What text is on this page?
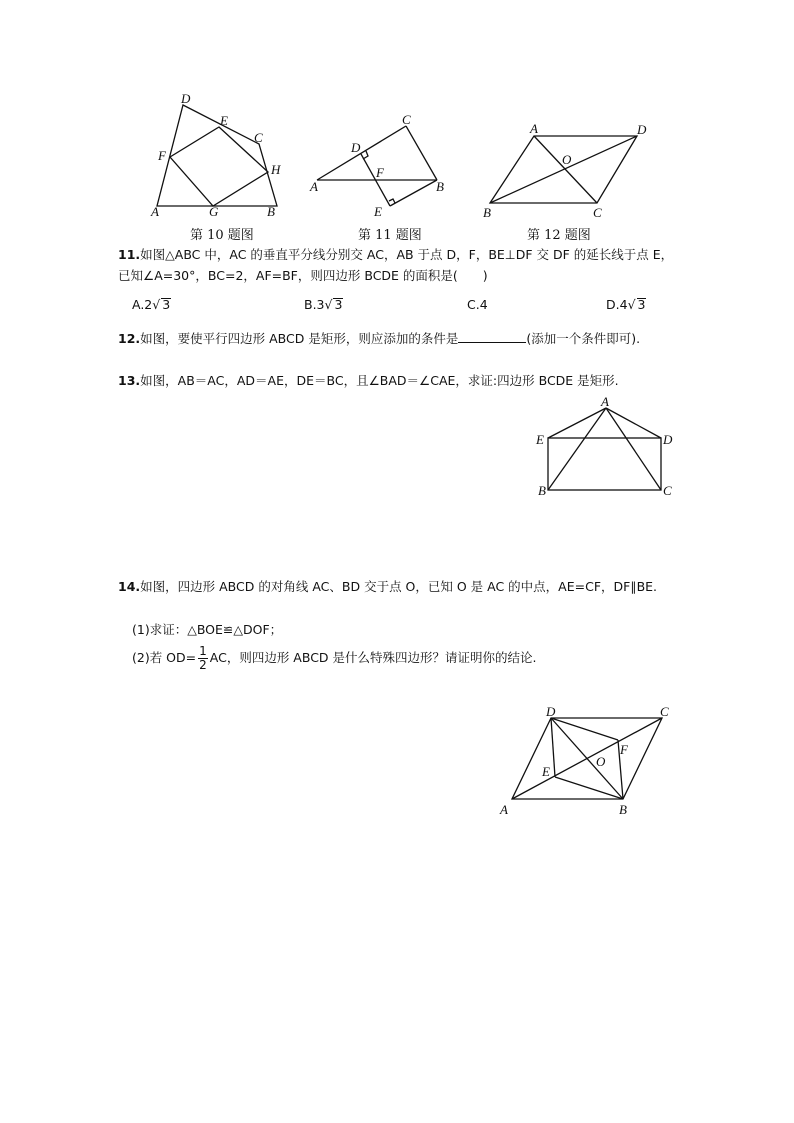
D
E
C
F
H
A	G	B
第 10 题图
C
D
F
A	B
E
第 11 题图
A	D
O
B	C
第 12 题图
11.如图△ABC 中，AC 的垂直平分线分别交 AC，AB 于点 D，F，BE⊥DF 交 DF 的延长线于点 E，已知∠A=30°，BC=2，AF=BF，则四边形 BCDE 的面积是(　　)
A.2√ 3	B.3√ 3	C.4	D.4√ 3
12.如图，要使平行四边形 ABCD 是矩形，则应添加的条件是	(添加一个条件即可).
13.如图，AB＝AC，AD＝AE，DE＝BC，且∠BAD＝∠CAE，求证:四边形 BCDE 是矩形.
A
E	D
B	C
14.如图，四边形 ABCD 的对角线 AC、BD 交于点 O，已知 O 是 AC 的中点，AE=CF，DF∥BE.
(1)求证：△BOE≌△DOF；
(2)若 $OD= \frac{1}{2}$ AC，则四边形 ABCD 是什么特殊四边形？请证明你的结论.
D	C
F
O
E
A	B
